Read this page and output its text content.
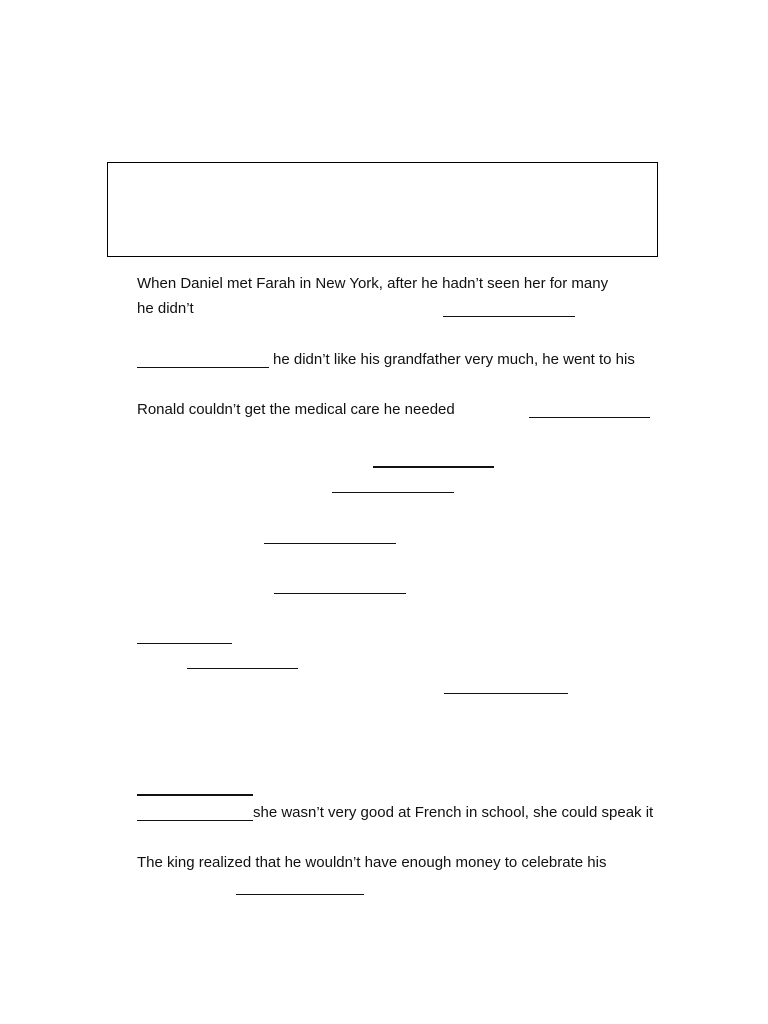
When Daniel met Farah in New York, after he hadn’t seen her for many
he didn’t
he didn’t like his grandfather very much, he went to his
Ronald couldn’t get the medical care he needed
she wasn’t very good at French in school, she could speak it
The king realized that he wouldn’t have enough money to celebrate his
